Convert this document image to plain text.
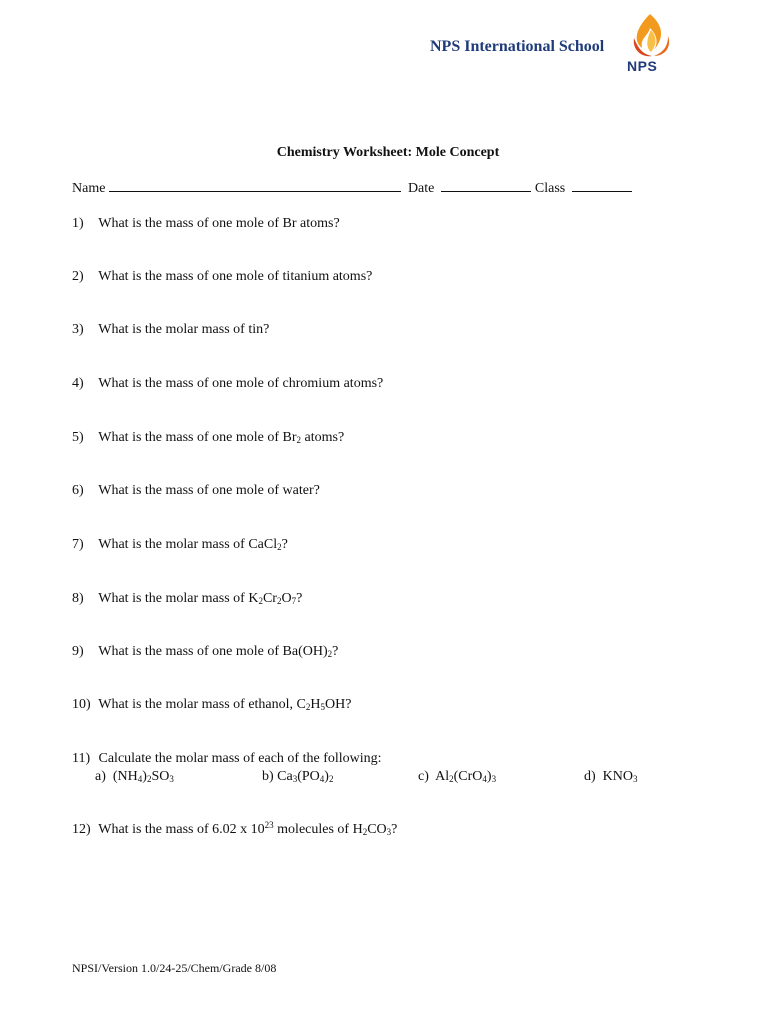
NPS International School
NPS
Chemistry Worksheet: Mole Concept
Name	Date	Class
1) What is the mass of one mole of Br atoms?
2) What is the mass of one mole of titanium atoms?
3) What is the molar mass of tin?
4) What is the mass of one mole of chromium atoms?
5) What is the mass of one mole of $Br_2$ atoms?
6) What is the mass of one mole of water?
7) What is the molar mass of CaCl$_2$?
8) What is the molar mass of $K_2Cr_2O_7$?
9) What is the mass of one mole of $Ba(OH)_2$?
10) What is the molar mass of ethanol, $C_2H_5OH$?
11) Calculate the molar mass of each of the following:
a) $(NH_4)_2SO_3$	b) $Ca_3(PO_4)_2$	c) $Al_2(CrO_4)_3$	d) $KNO_3$
12) What is the mass of 6.02 x $10^{23}$ molecules of $H_2CO_3$?
NPSI/Version 1.0/24-25/Chem/Grade 8/08
